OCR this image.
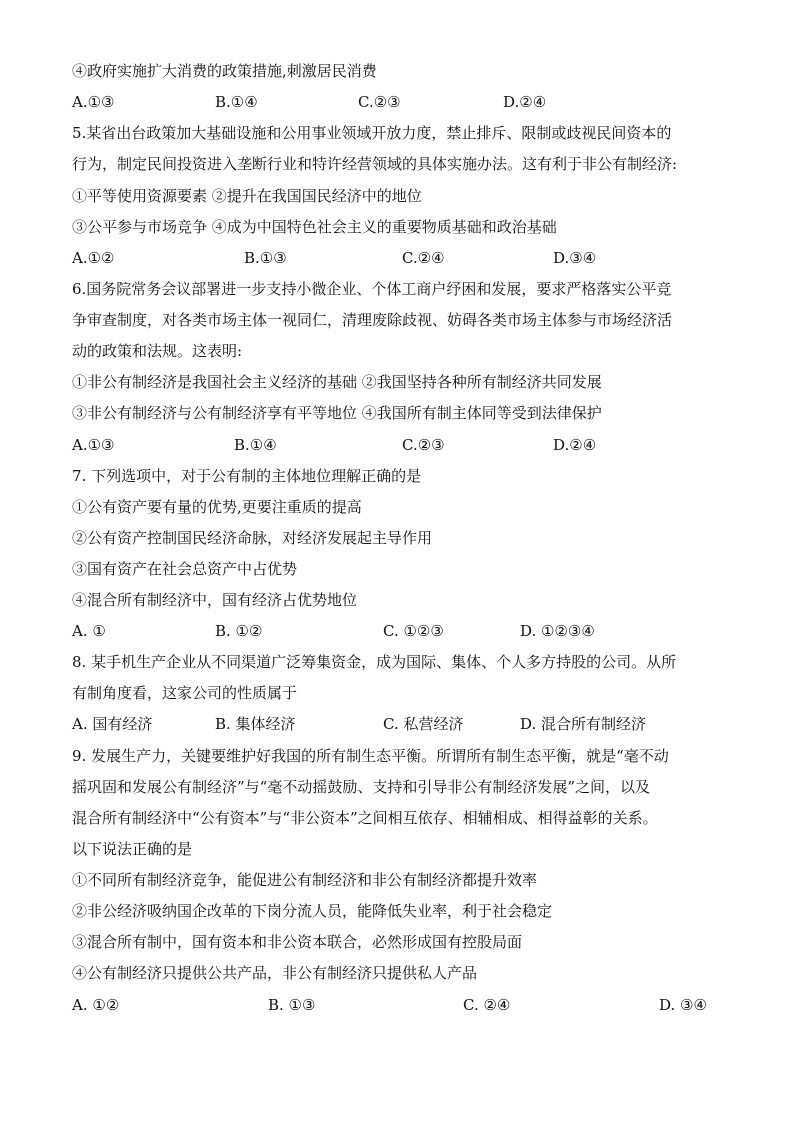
④政府实施扩大消费的政策措施,刺激居民消费
A.①③	B.①④	C.②③	D.②④
5.某省出台政策加大基础设施和公用事业领域开放力度，禁止排斥、限制或歧视民间资本的
行为，制定民间投资进入垄断行业和特许经营领域的具体实施办法。这有利于非公有制经济:
①平等使用资源要素 ②提升在我国国民经济中的地位
③公平参与市场竞争 ④成为中国特色社会主义的重要物质基础和政治基础
A.①②	B.①③	C.②④	D.③④
6.国务院常务会议部署进一步支持小微企业、个体工商户纾困和发展，要求严格落实公平竞
争审查制度，对各类市场主体一视同仁，清理废除歧视、妨碍各类市场主体参与市场经济活
动的政策和法规。这表明:
①非公有制经济是我国社会主义经济的基础 ②我国坚持各种所有制经济共同发展
③非公有制经济与公有制经济享有平等地位 ④我国所有制主体同等受到法律保护
A.①③	B.①④	C.②③	D.②④
7. 下列选项中，对于公有制的主体地位理解正确的是
①公有资产要有量的优势,更要注重质的提高
②公有资产控制国民经济命脉，对经济发展起主导作用
③国有资产在社会总资产中占优势
④混合所有制经济中，国有经济占优势地位
A. ①	B. ①②	C. ①②③	D. ①②③④
8. 某手机生产企业从不同渠道广泛筹集资金，成为国际、集体、个人多方持股的公司。从所
有制角度看，这家公司的性质属于
A. 国有经济	B. 集体经济	C. 私营经济	D. 混合所有制经济
9. 发展生产力，关键要维护好我国的所有制生态平衡。所谓所有制生态平衡，就是“毫不动
摇巩固和发展公有制经济”与“毫不动摇鼓励、支持和引导非公有制经济发展”之间，以及
混合所有制经济中“公有资本”与“非公资本”之间相互依存、相辅相成、相得益彰的关系。
以下说法正确的是
①不同所有制经济竞争，能促进公有制经济和非公有制经济都提升效率
②非公经济吸纳国企改革的下岗分流人员，能降低失业率，利于社会稳定
③混合所有制中，国有资本和非公资本联合，必然形成国有控股局面
④公有制经济只提供公共产品，非公有制经济只提供私人产品
A. ①②	B. ①③	C. ②④	D. ③④
